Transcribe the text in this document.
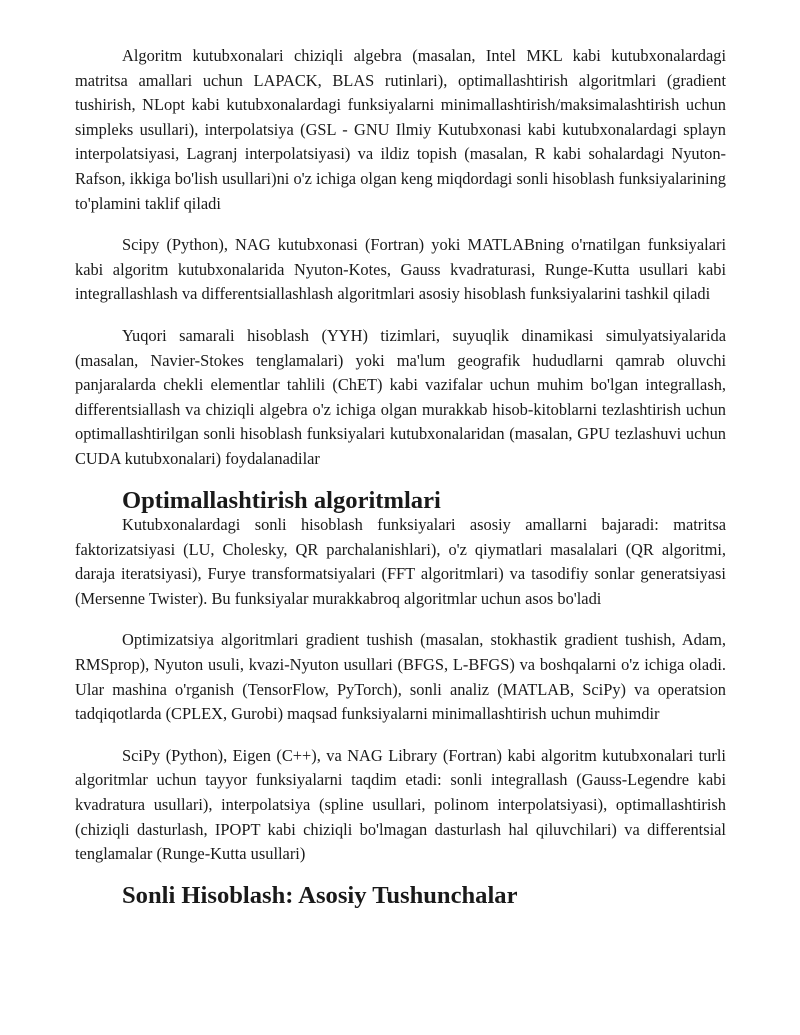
Algoritm kutubxonalari chiziqli algebra (masalan, Intel MKL kabi kutubxonalardagi matritsa amallari uchun LAPACK, BLAS rutinlari), optimallashtirish algoritmlari (gradient tushirish, NLopt kabi kutubxonalardagi funksiyalarni minimallashtirish/maksimalashtirish uchun simpleks usullari), interpolatsiya (GSL - GNU Ilmiy Kutubxonasi kabi kutubxonalardagi splayn interpolatsiyasi, Lagranj interpolatsiyasi) va ildiz topish (masalan, R kabi sohalardagi Nyuton-Rafson, ikkiga bo'lish usullari)ni o'z ichiga olgan keng miqdordagi sonli hisoblash funksiyalarining to'plamini taklif qiladi

Scipy (Python), NAG kutubxonasi (Fortran) yoki MATLABning o'rnatilgan funksiyalari kabi algoritm kutubxonalarida Nyuton-Kotes, Gauss kvadraturasi, Runge-Kutta usullari kabi integrallashlash va differentsiallashlash algoritmlari asosiy hisoblash funksiyalarini tashkil qiladi

Yuqori samarali hisoblash (YYH) tizimlari, suyuqlik dinamikasi simulyatsiyalarida (masalan, Navier-Stokes tenglamalari) yoki ma'lum geografik hududlarni qamrab oluvchi panjaralarda chekli elementlar tahlili (ChET) kabi vazifalar uchun muhim bo'lgan integrallash, differentsiallash va chiziqli algebra o'z ichiga olgan murakkab hisob-kitoblarni tezlashtirish uchun optimallashtirilgan sonli hisoblash funksiyalari kutubxonalaridan (masalan, GPU tezlashuvi uchun CUDA kutubxonalari) foydalanadilar

Optimallashtirish algoritmlari

Kutubxonalardagi sonli hisoblash funksiyalari asosiy amallarni bajaradi: matritsa faktorizatsiyasi (LU, Cholesky, QR parchalanishlari), o'z qiymatlari masalalari (QR algoritmi, daraja iteratsiyasi), Furye transformatsiyalari (FFT algoritmlari) va tasodifiy sonlar generatsiyasi (Mersenne Twister). Bu funksiyalar murakkabroq algoritmlar uchun asos bo'ladi

Optimizatsiya algoritmlari gradient tushish (masalan, stokhastik gradient tushish, Adam, RMSprop), Nyuton usuli, kvazi-Nyuton usullari (BFGS, L-BFGS) va boshqalarni o'z ichiga oladi. Ular mashina o'rganish (TensorFlow, PyTorch), sonli analiz (MATLAB, SciPy) va operatsion tadqiqotlarda (CPLEX, Gurobi) maqsad funksiyalarni minimallashtirish uchun muhimdir

SciPy (Python), Eigen (C++), va NAG Library (Fortran) kabi algoritm kutubxonalari turli algoritmlar uchun tayyor funksiyalarni taqdim etadi: sonli integrallash (Gauss-Legendre kabi kvadratura usullari), interpolatsiya (spline usullari, polinom interpolatsiyasi), optimallashtirish (chiziqli dasturlash, IPOPT kabi chiziqli bo'lmagan dasturlash hal qiluvchilari) va differentsial tenglamalar (Runge-Kutta usullari)

Sonli Hisoblash: Asosiy Tushunchalar
